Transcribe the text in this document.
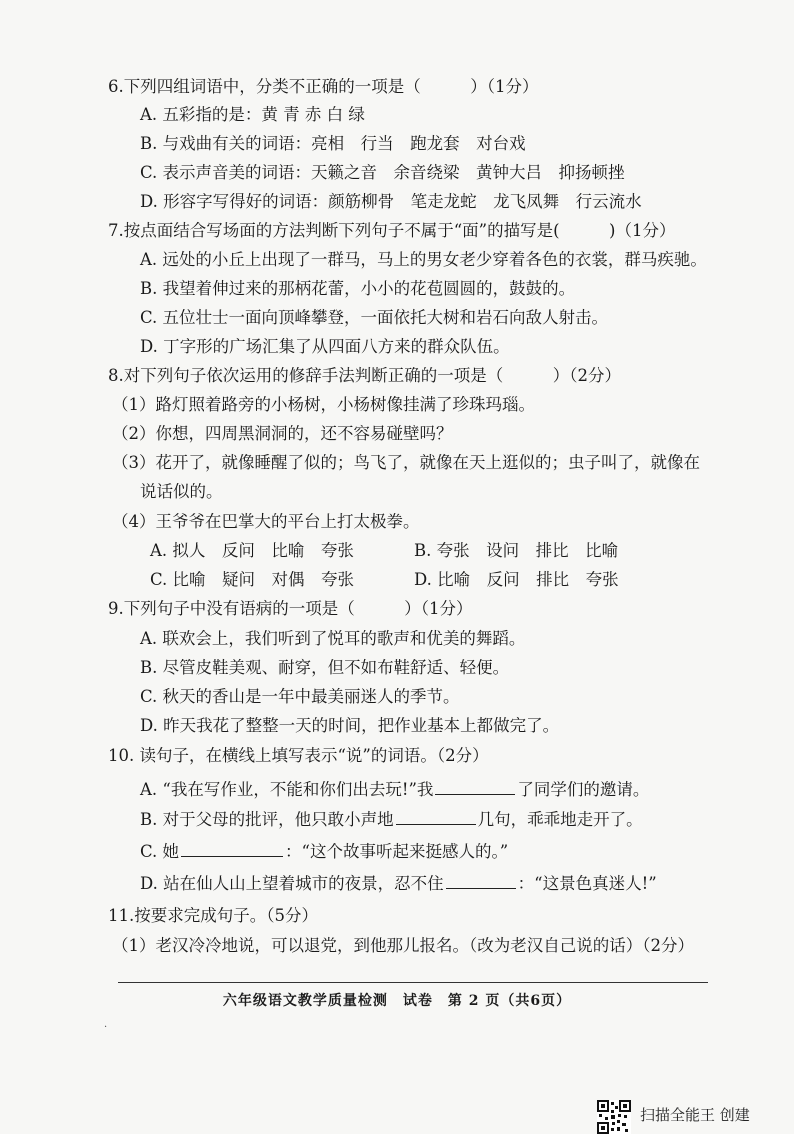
6.下列四组词语中，分类不正确的一项是（　　　）（1分）
A. 五彩指的是：黄 青 赤 白 绿
B. 与戏曲有关的词语：亮相　行当　跑龙套　对台戏
C. 表示声音美的词语：天籁之音　余音绕梁　黄钟大吕　抑扬顿挫
D. 形容字写得好的词语：颜筋柳骨　笔走龙蛇　龙飞凤舞　行云流水
7.按点面结合写场面的方法判断下列句子不属于“面”的描写是(　　　)（1分）
A. 远处的小丘上出现了一群马，马上的男女老少穿着各色的衣裳，群马疾驰。
B. 我望着伸过来的那柄花蕾，小小的花苞圆圆的，鼓鼓的。
C. 五位壮士一面向顶峰攀登，一面依托大树和岩石向敌人射击。
D. 丁字形的广场汇集了从四面八方来的群众队伍。
8.对下列句子依次运用的修辞手法判断正确的一项是（　　　）（2分）
（1）路灯照着路旁的小杨树，小杨树像挂满了珍珠玛瑙。
（2）你想，四周黑洞洞的，还不容易碰壁吗？
（3）花开了，就像睡醒了似的；鸟飞了，就像在天上逛似的；虫子叫了，就像在
说话似的。
（4）王爷爷在巴掌大的平台上打太极拳。
A. 拟人　反问　比喻　夸张	B. 夸张　设问　排比　比喻
C. 比喻　疑问　对偶　夸张	D. 比喻　反问　排比　夸张
9.下列句子中没有语病的一项是（　　　）（1分）
A. 联欢会上，我们听到了悦耳的歌声和优美的舞蹈。
B. 尽管皮鞋美观、耐穿，但不如布鞋舒适、轻便。
C. 秋天的香山是一年中最美丽迷人的季节。
D. 昨天我花了整整一天的时间，把作业基本上都做完了。
10. 读句子，在横线上填写表示“说”的词语。（2分）
A. “我在写作业，不能和你们出去玩!”我	了同学们的邀请。
B. 对于父母的批评，他只敢小声地	几句，乖乖地走开了。
C. 她	：“这个故事听起来挺感人的。”
D. 站在仙人山上望着城市的夜景，忍不住	：“这景色真迷人!”
11.按要求完成句子。（5分）
（1）老汉冷冷地说，可以退党，到他那儿报名。（改为老汉自己说的话）（2分）
六年级语文教学质量检测　试卷　第 2 页（共6页）
·
扫描全能王 创建
